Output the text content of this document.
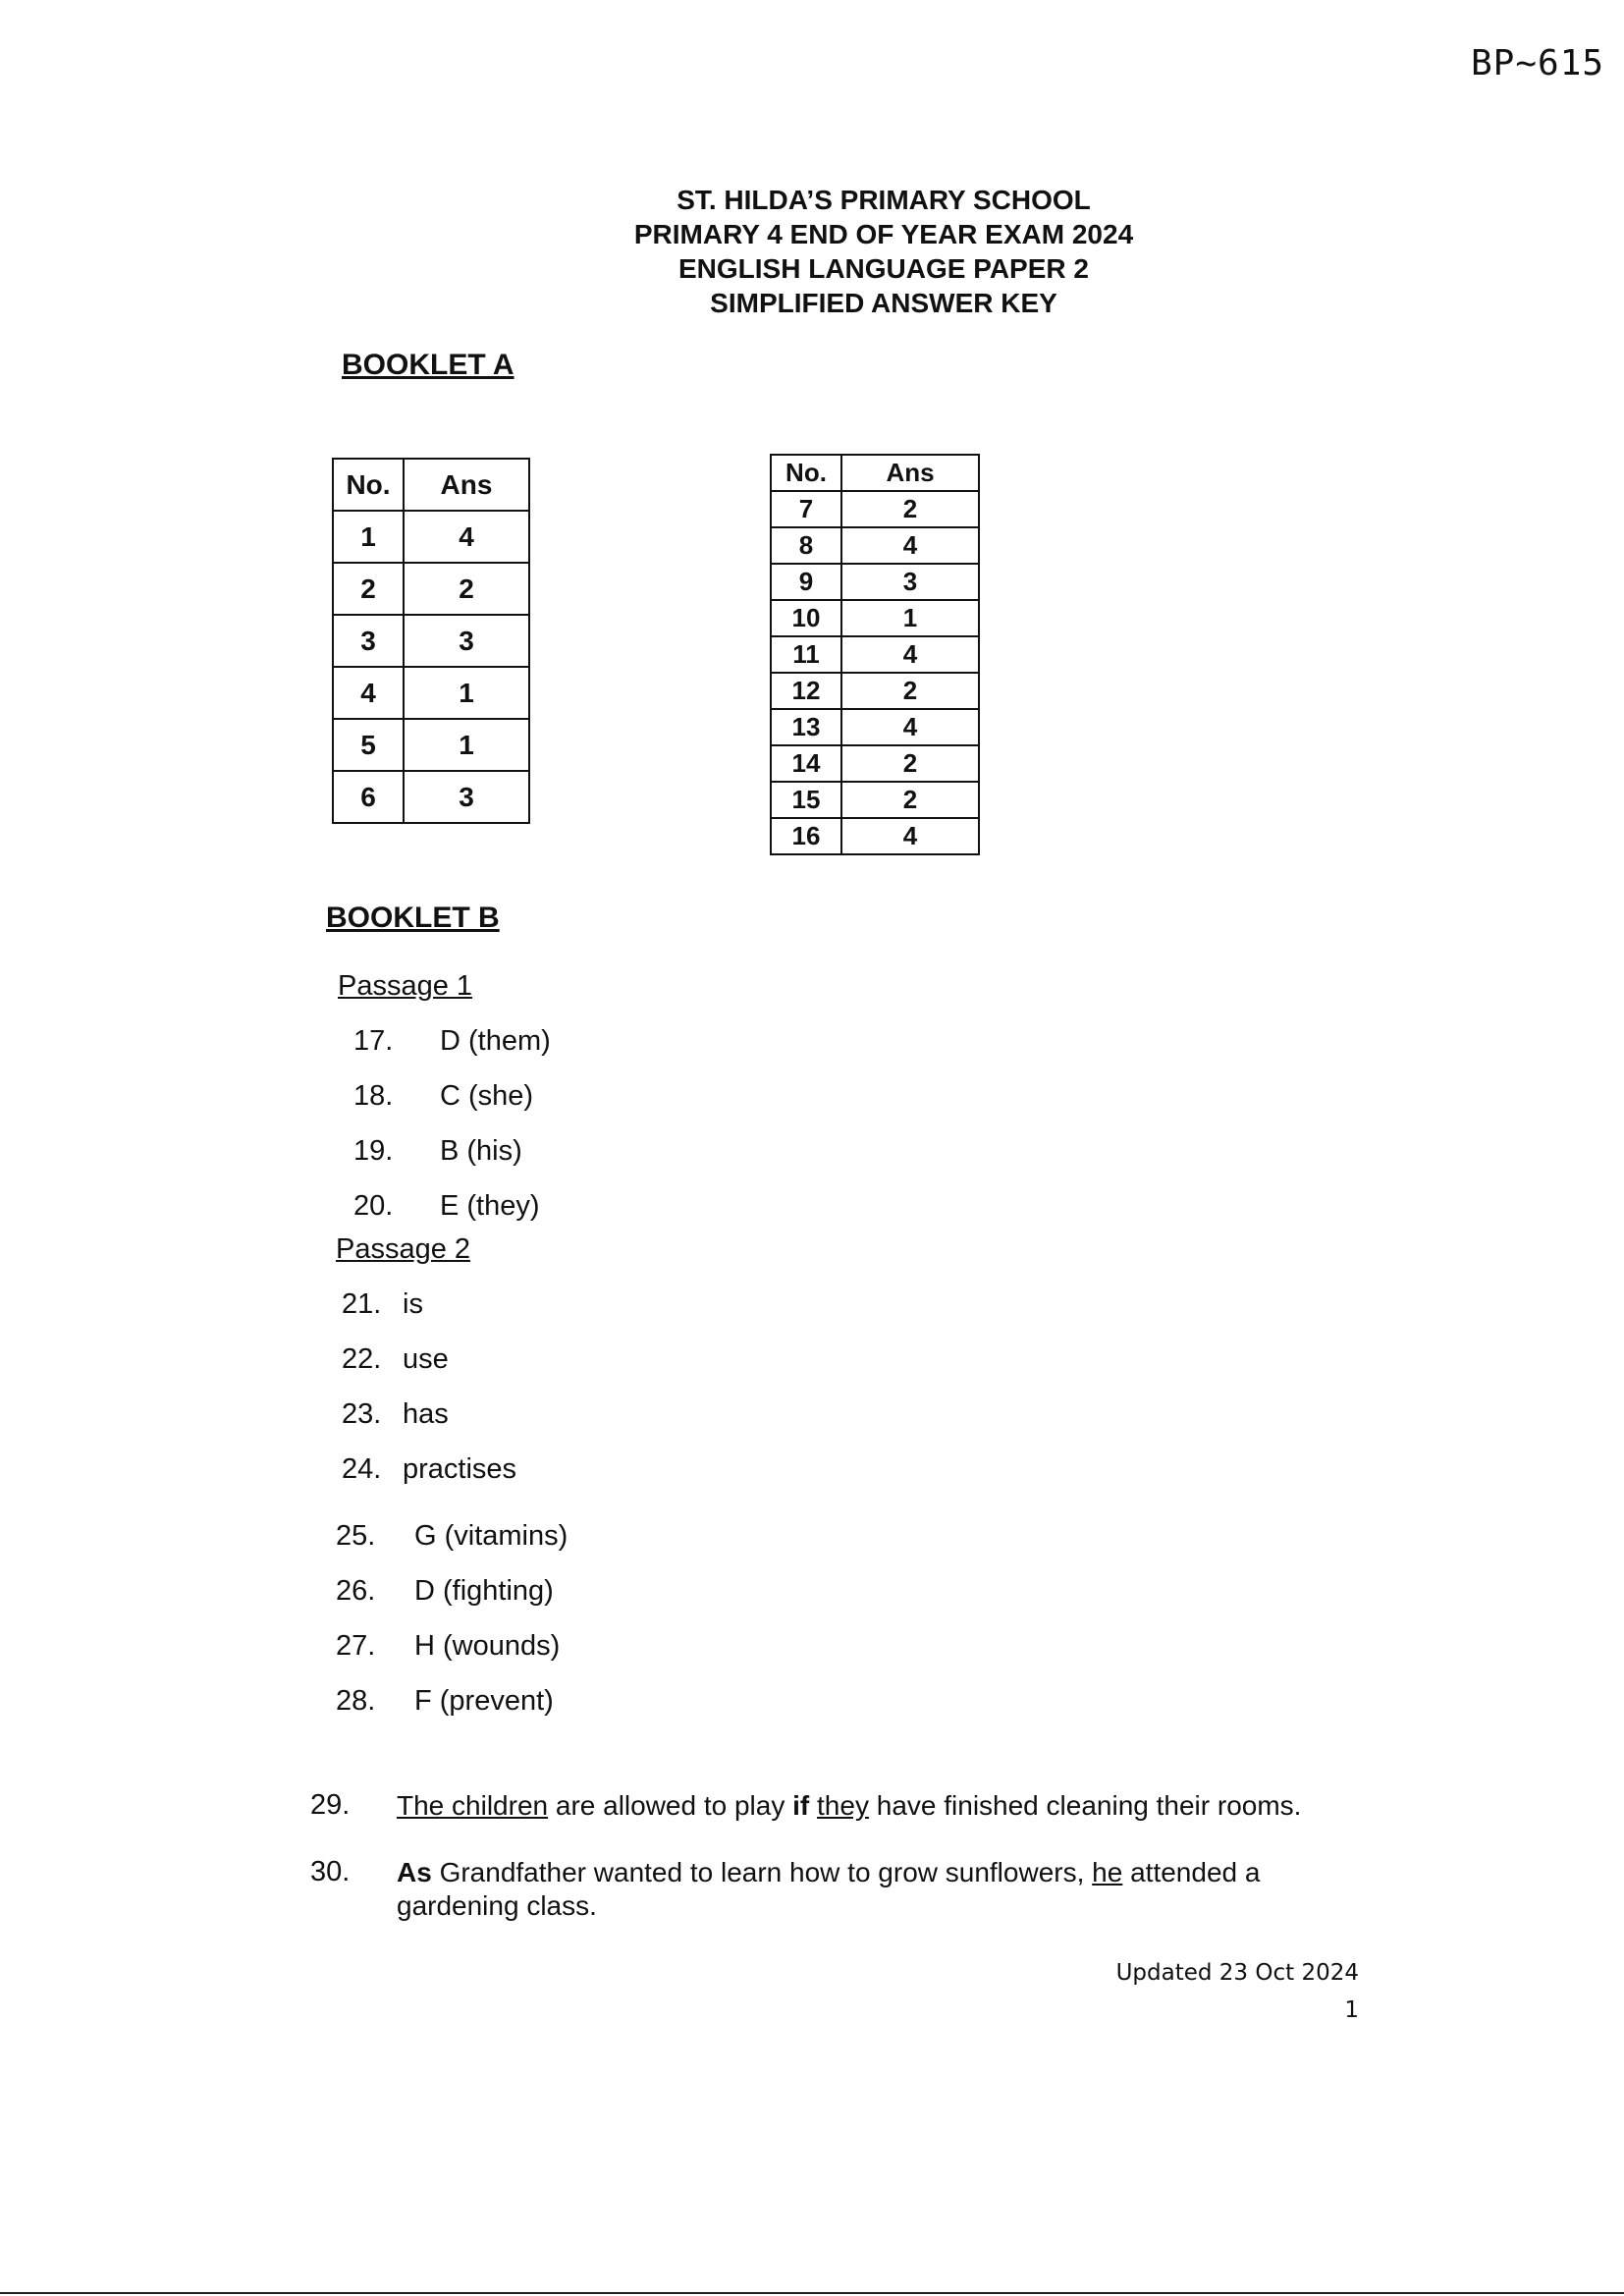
BP~615
ST. HILDA’S PRIMARY SCHOOL
PRIMARY 4 END OF YEAR EXAM 2024
ENGLISH LANGUAGE PAPER 2
SIMPLIFIED ANSWER KEY
BOOKLET A
No.	Ans
1	4
2	2
3	3
4	1
5	1
6	3
No.	Ans
7	2
8	4
9	3
10	1
11	4
12	2
13	4
14	2
15	2
16	4
BOOKLET B
Passage 1
17. D (them)
18. C (she)
19. B (his)
20. E (they)
Passage 2
21. is
22. use
23. has
24. practises
25. G (vitamins)
26. D (fighting)
27. H (wounds)
28. F (prevent)
29. The children are allowed to play if they have finished cleaning their rooms.
30. As Grandfather wanted to learn how to grow sunflowers, he attended a gardening class.
Updated 23 Oct 2024
1
